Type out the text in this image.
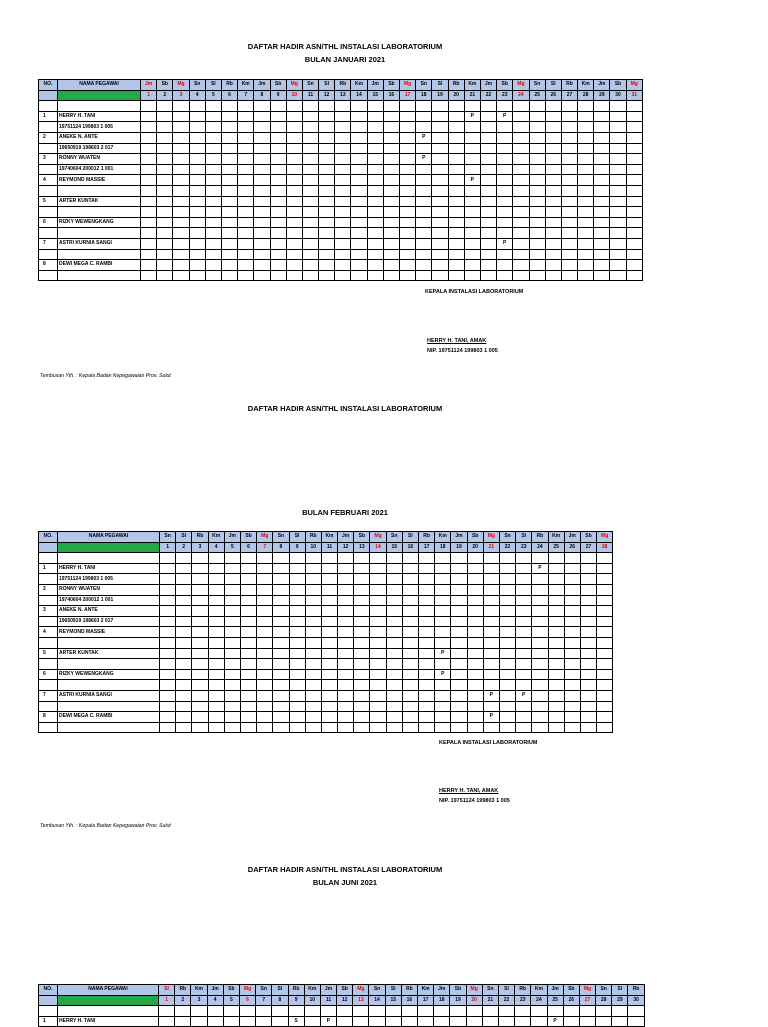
DAFTAR HADIR ASN/THL INSTALASI LABORATORIUM
BULAN JANUARI 2021
NO.	NAMA PEGAWAI	Jm	Sb	Mg	Sn	Sl	Rb	Km	Jm	Sb	Mg	Sn	Sl	Rb	Km	Jm	Sb	Mg	Sn	Sl	Rb	Km	Jm	Sb	Mg	Sn	Sl	Rb	Km	Jm	Sb	Mg
		1	2	3	4	5	6	7	8	9	10	11	12	13	14	15	16	17	18	19	20	21	22	23	24	25	26	27	28	29	30	31

1	HERRY H. TANI																					P		P								
	19751124 199803 1 005																															
2	ANEKE N. ANTE																		P													
	19650919 198603 2 017																															
3	RONNY WUATEN																		P													
	19740604 200012 1 001																															
4	REYMOND MASSIE																					P										

5	ARTER KUNTAK																															

6	RIZKY WEWENGKANG																															

7	ASTRI KURNIA SANGI																							P								

8	DEWI MEGA C. RAMBI																															

KEPALA INSTALASI LABORATORIUM
HERRY H. TANI, AMAK
NIP. 19751124 199803 1 005
Tembusan Yth. : Kepala Badan Kepegawaian Prov. Sulut
DAFTAR HADIR ASN/THL INSTALASI LABORATORIUM
BULAN FEBRUARI 2021
NO.	NAMA PEGAWAI	Sn	Sl	Rb	Km	Jm	Sb	Mg	Sn	Sl	Rb	Km	Jm	Sb	Mg	Sn	Sl	Rb	Km	Jm	Sb	Mg	Sn	Sl	Rb	Km	Jm	Sb	Mg
		1	2	3	4	5	6	7	8	9	10	11	12	13	14	15	16	17	18	19	20	21	22	23	24	25	26	27	28

1	HERRY H. TANI																								P				
	19751124 199803 1 005																												
2	RONNY WUATEN																												
	19740604 200012 1 001																												
3	ANEKE N. ANTE																												
	19650919 198603 2 017																												
4	REYMOND MASSIE																												

5	ARTER KUNTAK																		P										

6	RIZKY WEWENGKANG																		P										

7	ASTRI KURNIA SANGI																					P		P					

8	DEWI MEGA C. RAMBI																					P							

KEPALA INSTALASI LABORATORIUM
HERRY H. TANI, AMAK
NIP. 19751124 199803 1 005
Tembusan Yth. : Kepala Badan Kepegawaian Prov. Sulut
DAFTAR HADIR ASN/THL INSTALASI LABORATORIUM
BULAN JUNI 2021
NO.	NAMA PEGAWAI	Sl	Rb	Km	Jm	Sb	Mg	Sn	Sl	Rb	Km	Jm	Sb	Mg	Sn	Sl	Rb	Km	Jm	Sb	Mg	Sn	Sl	Rb	Km	Jm	Sb	Mg	Sn	Sl	Rb
		1	2	3	4	5	6	7	8	9	10	11	12	13	14	15	16	17	18	19	20	21	22	23	24	25	26	27	28	29	30

1	HERRY H. TANI									S		P														P					
